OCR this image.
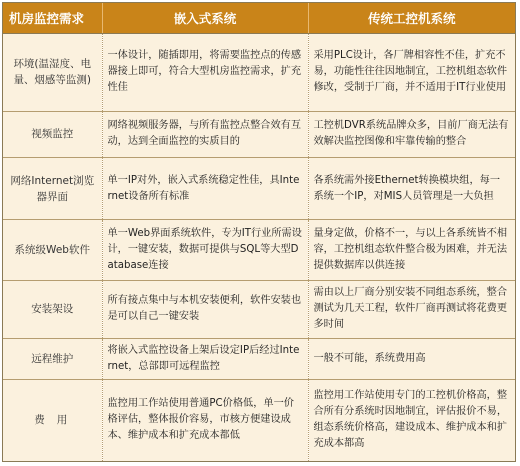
机房监控需求	嵌入式系统	传统工控机系统
环境(温湿度、电量、烟感等监测)	一体设计，随插即用，将需要监控点的传感器接上即可，符合大型机房监控需求，扩充性佳	采用PLC设计，各厂牌相容性不佳，扩充不易，功能性往往因地制宜，工控机组态软件修改，受制于厂商，并不适用于IT行业使用
视频监控	网络视频服务器，与所有监控点整合效有互动，达到全面监控的实质目的	工控机DVR系统品牌众多，目前厂商无法有效解决监控图像和牢靠传输的整合
网络Internet浏览器界面	单一IP对外，嵌入式系统稳定性佳，具Internet设备所有标准	各系统需外接Ethernet转换模块组，每一系统一个IP，对MIS人员管理是一大负担
系统级Web软件	单一Web界面系统软件，专为IT行业所需设计，一键安装，数据可提供与SQL等大型Database连接	量身定做，价格不一，与以上各系统皆不相容，工控机组态软件整合极为困难，并无法提供数据库以供连接
安装架设	所有接点集中与本机安装便利，软件安装也是可以自己一键安装	需由以上厂商分别安装不同组态系统，整合测试为几天工程，软件厂商再测试将花费更多时间
远程维护	将嵌入式监控设备上架后设定IP后经过Internet，总部即可远程监控	一般不可能，系统费用高
费用	监控用工作站使用普通PC价格低，单一价格评估，整体报价容易，市核方便建设成本、维护成本和扩充成本都低	监控用工作站使用专门的工控机价格高，整合所有分系统时因地制宜，评估报价不易，组态系统价格高，建设成本、维护成本和扩充成本都高
